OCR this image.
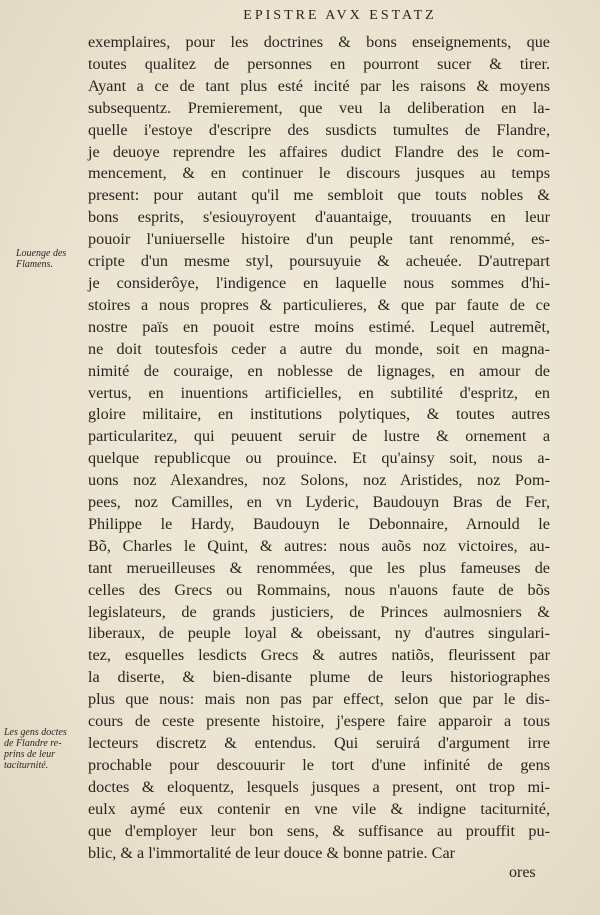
EPISTRE AVX ESTATZ
Louenge des
Flamens.
Les gens doctes
de Flandre re-
prins de leur
taciturnité.
exemplaires, pour les doctrines & bons enseignements, que
toutes qualitez de personnes en pourront sucer & tirer.
Ayant a ce de tant plus esté incité par les raisons & moyens
subsequentz. Premierement, que veu la deliberation en la-
quelle i'estoye d'escripre des susdicts tumultes de Flandre,
je deuoye reprendre les affaires dudict Flandre des le com-
mencement, & en continuer le discours jusques au temps
present: pour autant qu'il me sembloit que touts nobles &
bons esprits, s'esiouyroyent d'auantaige, trouuants en leur
pouoir l'uniuerselle histoire d'un peuple tant renommé, es-
cripte d'un mesme styl, poursuyuie & acheuée. D'autrepart
je considerôye, l'indigence en laquelle nous sommes d'hi-
stoires a nous propres & particulieres, & que par faute de ce
nostre païs en pouoit estre moins estimé. Lequel autremẽt,
ne doit toutesfois ceder a autre du monde, soit en magna-
nimité de couraige, en noblesse de lignages, en amour de
vertus, en inuentions artificielles, en subtilité d'espritz, en
gloire militaire, en institutions polytiques, & toutes autres
particularitez, qui peuuent seruir de lustre & ornement a
quelque republicque ou prouince. Et qu'ainsy soit, nous a-
uons noz Alexandres, noz Solons, noz Aristides, noz Pom-
pees, noz Camilles, en vn Lyderic, Baudouyn Bras de Fer,
Philippe le Hardy, Baudouyn le Debonnaire, Arnould le
Bõ, Charles le Quint, & autres: nous auõs noz victoires, au-
tant merueilleuses & renommées, que les plus fameuses de
celles des Grecs ou Rommains, nous n'auons faute de bõs
legislateurs, de grands justiciers, de Princes aulmosniers &
liberaux, de peuple loyal & obeissant, ny d'autres singulari-
tez, esquelles lesdicts Grecs & autres natiõs, fleurissent par
la diserte, & bien-disante plume de leurs historiographes
plus que nous: mais non pas par effect, selon que par le dis-
cours de ceste presente histoire, j'espere faire apparoir a tous
lecteurs discretz & entendus. Qui seruirá d'argument irre
prochable pour descouurir le tort d'une infinité de gens
doctes & eloquentz, lesquels jusques a present, ont trop mi-
eulx aymé eux contenir en vne vile & indigne taciturnité,
que d'employer leur bon sens, & suffisance au prouffit pu-
blic, & a l'immortalité de leur douce & bonne patrie. Car
ores
